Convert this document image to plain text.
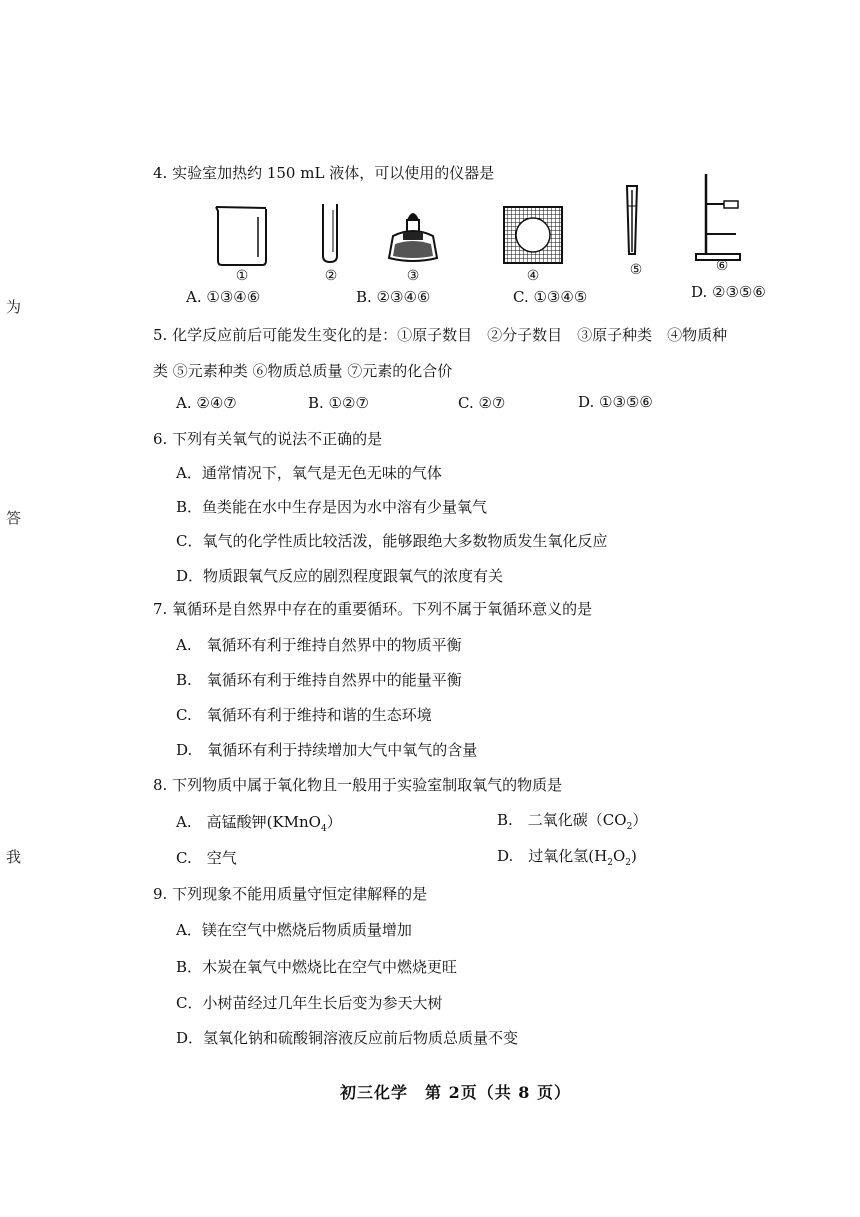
为
答
我
4. 实验室加热约 150 mL 液体，可以使用的仪器是
①	②	③	④	⑤	⑥
A. ①③④⑥	B. ②③④⑥	C. ①③④⑤	D. ②③⑤⑥
5. 化学反应前后可能发生变化的是：①原子数目　②分子数目　③原子种类　④物质种
类 ⑤元素种类 ⑥物质总质量 ⑦元素的化合价
A. ②④⑦	B. ①②⑦	C. ②⑦	D. ①③⑤⑥
6. 下列有关氧气的说法不正确的是
A．通常情况下，氧气是无色无味的气体
B．鱼类能在水中生存是因为水中溶有少量氧气
C．氧气的化学性质比较活泼，能够跟绝大多数物质发生氧化反应
D．物质跟氧气反应的剧烈程度跟氧气的浓度有关
7. 氧循环是自然界中存在的重要循环。下列不属于氧循环意义的是
A.　氧循环有利于维持自然界中的物质平衡
B.　氧循环有利于维持自然界中的能量平衡
C.　氧循环有利于维持和谐的生态环境
D.　氧循环有利于持续增加大气中氧气的含量
8. 下列物质中属于氧化物且一般用于实验室制取氧气的物质是
A.　高锰酸钾(KMnO$_4$）	B.　二氧化碳$(CO_2)$
C.　空气	D.　过氧化氢$(H_2O_2)$
9. 下列现象不能用质量守恒定律解释的是
A．镁在空气中燃烧后物质质量增加
B．木炭在氧气中燃烧比在空气中燃烧更旺
C．小树苗经过几年生长后变为参天大树
D．氢氧化钠和硫酸铜溶液反应前后物质总质量不变
初三化学　第 2页（共 8 页）
